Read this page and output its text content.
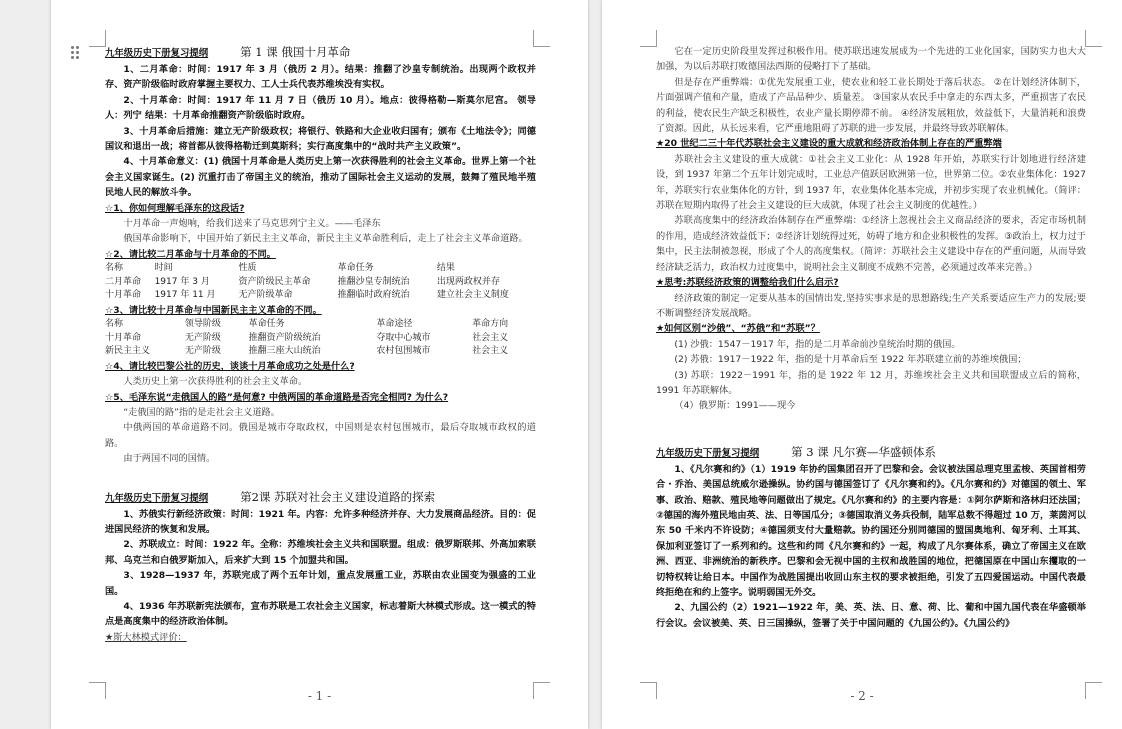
九年级历史下册复习提纲	第 1 课 俄国十月革命

1、二月革命：时间：1917 年 3 月（俄历 2 月）。结果：推翻了沙皇专制统治。出现两个政权并存、资产阶级临时政府掌握主要权力、工人士兵代表苏维埃没有实权。

2、十月革命：时间：1917 年 11 月 7 日（俄历 10 月）。地点：彼得格勒—斯莫尔尼宫。 领导人：列宁 结果：十月革命推翻资产阶级临时政府。

3、十月革命后措施：建立无产阶级政权；将银行、铁路和大企业收归国有；颁布《土地法令》；同德国议和退出一战；将首都从彼得格勒迁到莫斯科；实行高度集中的“战时共产主义政策”。

4、十月革命意义：(1) 俄国十月革命是人类历史上第一次获得胜利的社会主义革命。世界上第一个社会主义国家诞生。(2) 沉重打击了帝国主义的统治，推动了国际社会主义运动的发展，鼓舞了殖民地半殖民地人民的解放斗争。

☆1、你如何理解毛泽东的这段话?

十月革命一声炮响，给我们送来了马克思列宁主义。——毛泽东

俄国革命影响下，中国开始了新民主主义革命，新民主主义革命胜利后，走上了社会主义革命道路。

☆2、请比较二月革命与十月革命的不同。

名称	时间	性质	革命任务	结果
二月革命	1917 年 3 月	资产阶级民主革命	推翻沙皇专制统治	出现两政权并存
十月革命	1917 年 11 月	无产阶级革命	推翻临时政府统治	建立社会主义制度

☆3、请比较十月革命与中国新民主主义革命的不同。

名称	领导阶级	革命任务	革命途径	革命方向
十月革命	无产阶级	推翻资产阶级统治	夺取中心城市	社会主义
新民主主义	无产阶级	推翻三座大山统治	农村包围城市	社会主义

☆4、请比较巴黎公社的历史，谈谈十月革命成功之处是什么?

人类历史上第一次获得胜利的社会主义革命。

☆5、毛泽东说“走俄国人的路”是何意? 中俄两国的革命道路是否完全相同? 为什么?

“走俄国的路”指的是走社会主义道路。

中俄两国的革命道路不同。俄国是城市夺取政权，中国则是农村包围城市，最后夺取城市政权的道路。

由于两国不同的国情。

九年级历史下册复习提纲	第2课 苏联对社会主义建设道路的探索

1、苏俄实行新经济政策：时间：1921 年。内容：允许多种经济并存、大力发展商品经济。目的：促进国民经济的恢复和发展。

2、苏联成立：时间：1922 年。全称：苏维埃社会主义共和国联盟。组成：俄罗斯联邦、外高加索联邦、乌克兰和白俄罗斯加入，后来扩大到 15 个加盟共和国。

3、1928—1937 年，苏联完成了两个五年计划，重点发展重工业，苏联由农业国变为强盛的工业国。

4、1936 年苏联新宪法颁布，宣布苏联是工农社会主义国家，标志着斯大林模式形成。这一模式的特点是高度集中的经济政治体制。

★斯大林模式评价：

- 1 -

它在一定历史阶段里发挥过积极作用。使苏联迅速发展成为一个先进的工业化国家，国防实力也大大加强，为以后苏联打败德国法西斯的侵略打下了基础。

但是存在严重弊端：①优先发展重工业，使农业和轻工业长期处于落后状态。 ②在计划经济体制下，片面强调产值和产量，造成了产品品种少、质量差。 ③国家从农民手中拿走的东西太多，严重损害了农民的利益，使农民生产缺乏积极性，农业产量长期停滞不前。 ④经济发展粗放，效益低下，大量消耗和浪费了资源。因此，从长远来看，它严重地阻碍了苏联的进一步发展，并最终导致苏联解体。

★20 世纪二三十年代苏联社会主义建设的重大成就和经济政治体制上存在的严重弊端

苏联社会主义建设的重大成就：①社会主义工业化：从 1928 年开始，苏联实行计划地进行经济建设，到 1937 年第二个五年计划完成时，工业总产值跃居欧洲第一位，世界第二位。②农业集体化：1927 年，苏联实行农业集体化的方针，到 1937 年，农业集体化基本完成，并初步实现了农业机械化。（简评：苏联在短期内取得了社会主义建设的巨大成就，体现了社会主义制度的优越性。）

苏联高度集中的经济政治体制存在严重弊端：①经济上忽视社会主义商品经济的要求，否定市场机制的作用，造成经济效益低下；②经济计划统得过死，妨碍了地方和企业积极性的发挥。③政治上，权力过于集中，民主法制被忽视，形成了个人的高度集权。（简评：苏联社会主义建设中存在的严重问题，从而导致经济缺乏活力，政治权力过度集中，说明社会主义制度不成熟不完善，必须通过改革来完善。）

★思考:苏联经济政策的调整给我们什么启示?

经济政策的制定一定要从基本的国情出发,坚持实事求是的思想路线;生产关系要适应生产力的发展;要不断调整经济发展战略。

★如何区别“沙俄”、“苏俄”和“苏联”？

(1) 沙俄：1547－1917 年，指的是二月革命前沙皇统治时期的俄国。

(2) 苏俄：1917－1922 年，指的是十月革命后至 1922 年苏联建立前的苏维埃俄国；

(3) 苏联：1922－1991 年，指的是 1922 年 12 月，苏维埃社会主义共和国联盟成立后的简称，1991 年苏联解体。

（4）俄罗斯：1991——现今

九年级历史下册复习提纲	第 3 课 凡尔赛—华盛顿体系

1、《凡尔赛和约》（1）1919 年协约国集团召开了巴黎和会。会议被法国总理克里孟梭、英国首相劳合・乔治、美国总统威尔逊操纵。协约国与德国签订了《凡尔赛和约》。《凡尔赛和约》对德国的领土、军事、政治、赔款、殖民地等问题做出了规定。《凡尔赛和约》的主要内容是：①阿尔萨斯和洛林归还法国；②德国的海外殖民地由英、法、日等国瓜分；③德国取消义务兵役制，陆军总数不得超过 10 万，莱茵河以东 50 千米内不许设防；④德国须支付大量赔款。协约国还分别同德国的盟国奥地利、匈牙利、土耳其、保加利亚签订了一系列和约。这些和约同《凡尔赛和约》一起，构成了凡尔赛体系，确立了帝国主义在欧洲、西亚、非洲统治的新秩序。巴黎和会无视中国的主权和战胜国的地位，把德国原在中国山东攫取的一切特权转让给日本。中国作为战胜国提出收回山东主权的要求被拒绝，引发了五四爱国运动。中国代表最终拒绝在和约上签字。说明弱国无外交。

2、九国公约（2）1921—1922 年，美、英、法、日、意、荷、比、葡和中国九国代表在华盛顿举行会议。会议被美、英、日三国操纵，签署了关于中国问题的《九国公约》。《九国公约》

- 2 -
